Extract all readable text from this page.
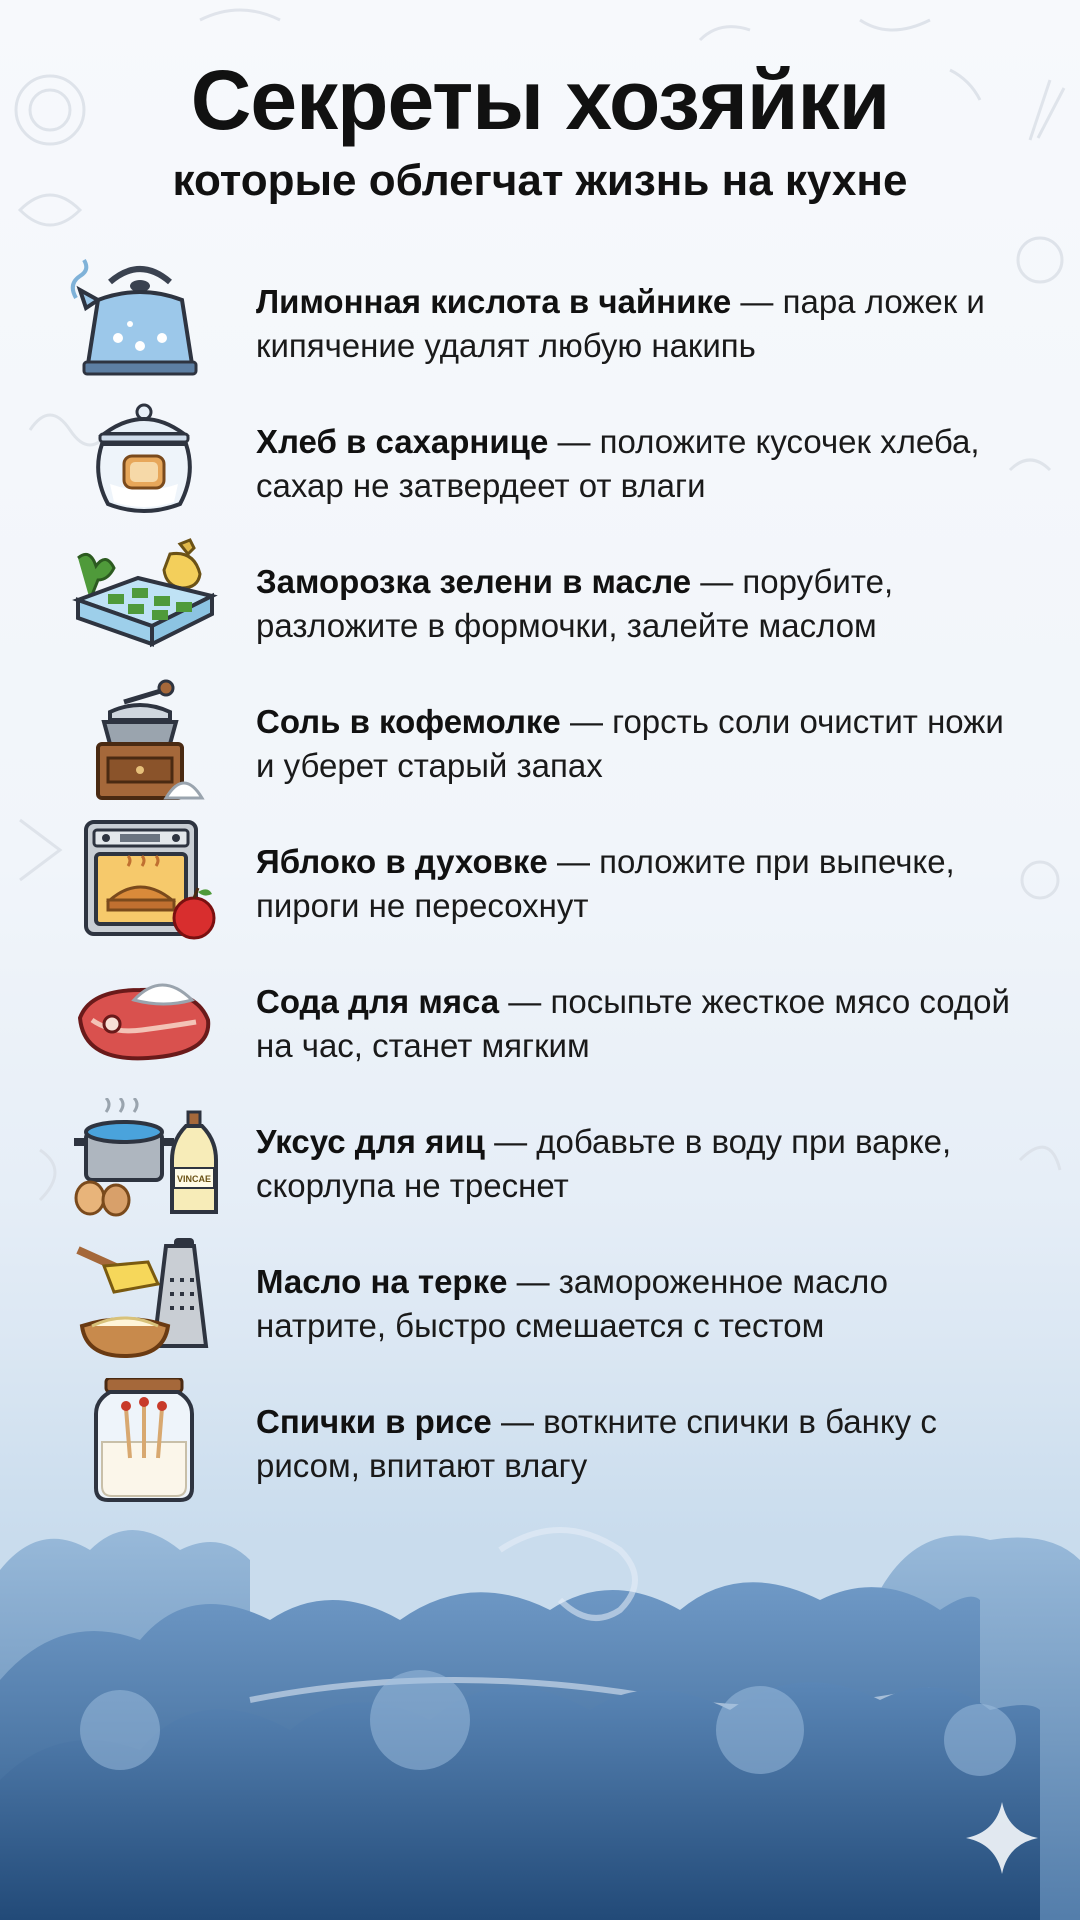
Секреты хозяйки
которые облегчат жизнь на кухне
Лимонная кислота в чайнике — пара ложек и кипячение удалят любую накипь
Хлеб в сахарнице — положите кусочек хлеба, сахар не затвердеет от влаги
Заморозка зелени в масле — порубите, разложите в формочки, залейте маслом
Соль в кофемолке — горсть соли очистит ножи и уберет старый запах
Яблоко в духовке — положите при выпечке, пироги не пересохнут
Сода для мяса — посыпьте жесткое мясо содой на час, станет мягким
VINCAE
Уксус для яиц — добавьте в воду при варке, скорлупа не треснет
Масло на терке — замороженное масло натрите, быстро смешается с тестом
Спички в рисе — воткните спички в банку с рисом, впитают влагу
